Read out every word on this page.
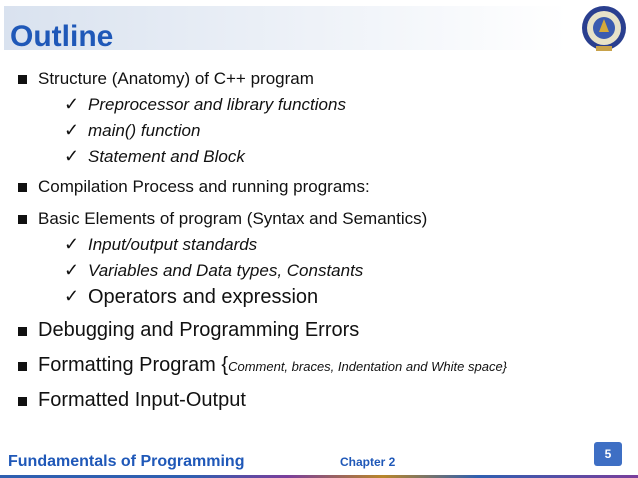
Outline
Structure (Anatomy) of C++ program
✓ Preprocessor and library functions
✓ main() function
✓ Statement and Block
Compilation Process and running programs:
Basic Elements of program (Syntax and Semantics)
✓ Input/output standards
✓ Variables and Data types, Constants
✓ Operators and expression
Debugging and Programming Errors
Formatting Program {Comment, braces, Indentation and White space}
Formatted Input-Output
Fundamentals of Programming	Chapter 2
5
